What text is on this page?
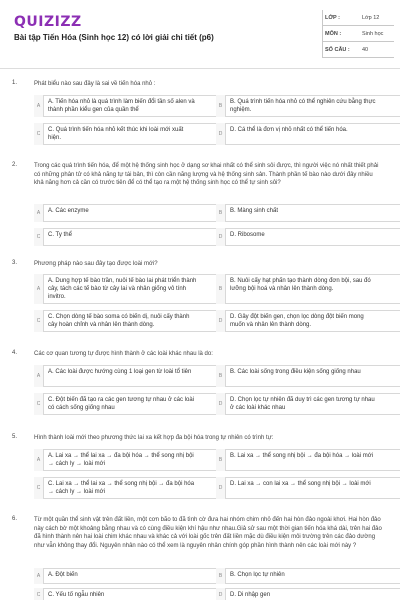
QUIZIZZ
Bài tập Tiến Hóa (Sinh học 12) có lời giải chi tiết (p6)
LỚP :	Lớp 12
MÔN :	Sinh học
SỐ CÂU : 40
1.	Phát biểu nào sau đây là sai về tiến hóa nhỏ :
A
A. Tiến hóa nhỏ là quá trình làm biến đổi tần số alen và thành phần kiểu gen của quần thể
B
B. Quá trình tiến hóa nhỏ có thể nghiên cứu bằng thực nghiệm.
C
C. Quá trình tiến hóa nhỏ kết thúc khi loài mới xuất hiện.
D
D. Cá thể là đơn vị nhỏ nhất có thể tiến hóa.
2.	Trong các quá trình tiến hóa, để một hệ thống sinh học ở dạng sơ khai nhất có thể sinh sôi được, thì người việc nó nhất thiết phải có những phân tử có khả năng tự tái bản, thì còn cần năng lượng và hệ thống sinh sản. Thành phần tế bào nào dưới đây nhiều khả năng hơn cả cần có trước tiên để có thể tạo ra một hệ thống sinh học có thể tự sinh sôi?
A	A. Các enzyme	B	B. Màng sinh chất
C	C. Ty thể	D	D. Ribosome
3.	Phương pháp nào sau đây tạo được loài mới?
A
A. Dung hợp tế bào trần, nuôi tế bào lai phát triển thành cây, tách các tế bào từ cây lai và nhân giống vô tính invitro.
B
B. Nuôi cấy hạt phấn tạo thành dòng đơn bội, sau đó lưỡng bội hoá và nhân lên thành dòng.
C
C. Chọn dòng tế bào soma có biến dị, nuôi cấy thành cây hoàn chỉnh và nhân lên thành dòng.
D
D. Gây đột biến gen, chọn lọc dòng đột biến mong muốn và nhân lên thành dòng.
4.	Các cơ quan tương tự được hình thành ở các loài khác nhau là do:
A
A. Các loài được hướng cùng 1 loại gen từ loài tổ tiên
B
B. Các loài sống trong điều kiện sống giống nhau
C
C. Đột biến đã tạo ra các gen tương tự nhau ở các loài có cách sống giống nhau
D
D. Chọn lọc tự nhiên đã duy trì các gen tương tự nhau ở các loài khác nhau
5.	Hình thành loài mới theo phương thức lai xa kết hợp đa bội hóa trong tự nhiên có trình tự:
A
A. Lai xa → thể lai xa → đa bội hóa → thể song nhị bội → cách ly → loài mới
B
B. Lai xa → thể song nhị bội → đa bội hóa → loài mới
C
C. Lai xa → thể lai xa → thể song nhị bội → đa bội hóa → cách ly → loài mới
D
D. Lai xa → con lai xa → thể song nhị bội → loài mới
6.	Từ một quần thể sinh vật trên đất liền, một cơn bão to đã tình cờ đưa hai nhóm chim nhỏ đến hai hòn đảo ngoài khơi. Hai hòn đảo này cách bờ một khoảng bằng nhau và có cùng điều kiện khí hậu như nhau.Giả sử sau một thời gian tiến hóa khá dài, trên hai đảo đã hình thành nên hai loài chim khác nhau và khác cả với loài gốc trên đất liền mặc dù điều kiện môi trường trên các đảo dường như vẫn không thay đổi. Nguyên nhân nào có thể xem là nguyên nhân chính góp phần hình thành nên các loài mới này ?
A	A. Đột biến	B	B. Chọn lọc tự nhiên
C	C. Yếu tố ngẫu nhiên	D	D. Di nhập gen
